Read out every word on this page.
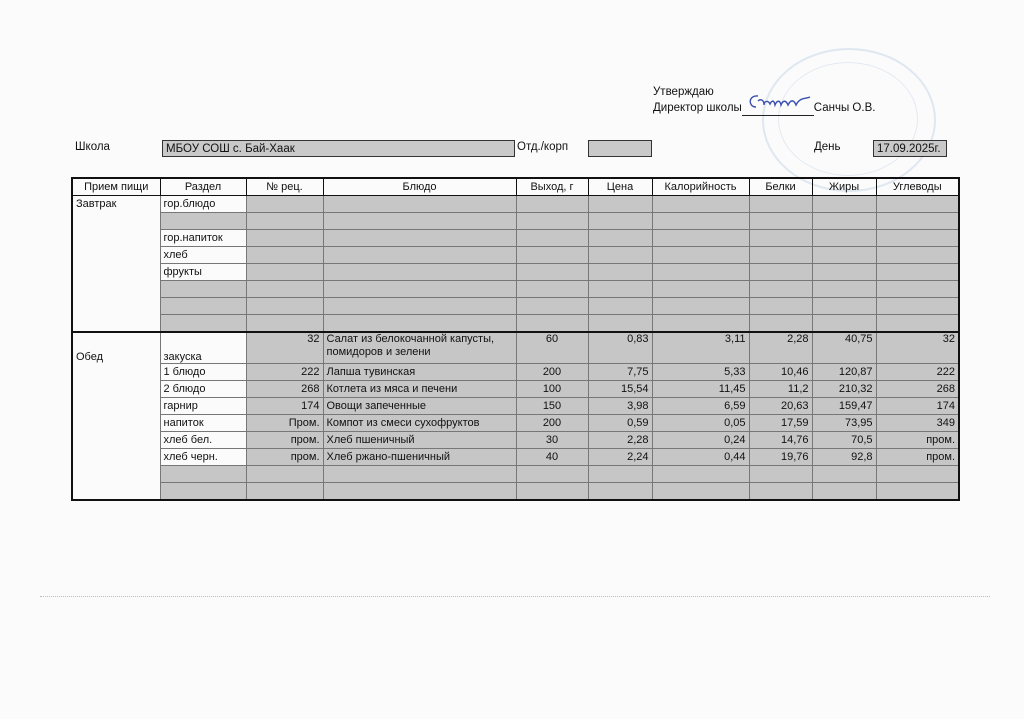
Утверждаю
Директор школы	Санчы О.В.
Школа	МБОУ СОШ с. Бай-Хаак	Отд./корп	День	17.09.2025г.
Прием пищи	Раздел	№ рец.	Блюдо	Выход, г	Цена	Калорийность	Белки	Жиры	Углеводы
Завтрак	гор.блюдо								

	гор.напиток								
	хлеб								
	фрукты								

Обед	закуска	32	Салат из белокочанной капусты, помидоров и зелени	60	0,83	3,11	2,28	40,75	32
	1 блюдо	222	Лапша тувинская	200	7,75	5,33	10,46	120,87	222
	2 блюдо	268	Котлета из мяса и печени	100	15,54	11,45	11,2	210,32	268
	гарнир	174	Овощи запеченные	150	3,98	6,59	20,63	159,47	174
	напиток	Пром.	Компот из смеси сухофруктов	200	0,59	0,05	17,59	73,95	349
	хлеб бел.	пром.	Хлеб пшеничный	30	2,28	0,24	14,76	70,5	пром.
	хлеб черн.	пром.	Хлеб ржано-пшеничный	40	2,24	0,44	19,76	92,8	пром.
